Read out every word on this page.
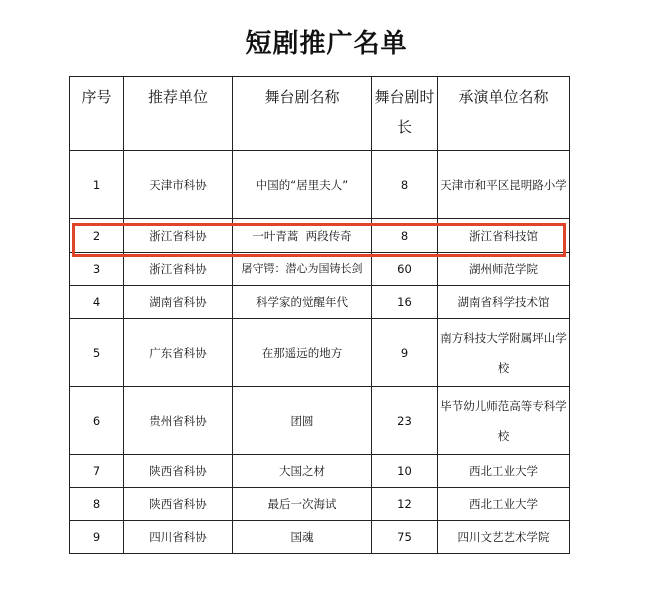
短剧推广名单
序号	推荐单位	舞台剧名称	舞台剧时长	承演单位名称
1	天津市科协	中国的“居里夫人”	8	天津市和平区昆明路小学
2	浙江省科协	一叶青蒿  两段传奇	8	浙江省科技馆
3	浙江省科协	屠守锷：潜心为国铸长剑	60	湖州师范学院
4	湖南省科协	科学家的觉醒年代	16	湖南省科学技术馆
5	广东省科协	在那遥远的地方	9	南方科技大学附属坪山学校
6	贵州省科协	团圆	23	毕节幼儿师范高等专科学校
7	陕西省科协	大国之材	10	西北工业大学
8	陕西省科协	最后一次海试	12	西北工业大学
9	四川省科协	国魂	75	四川文艺艺术学院
